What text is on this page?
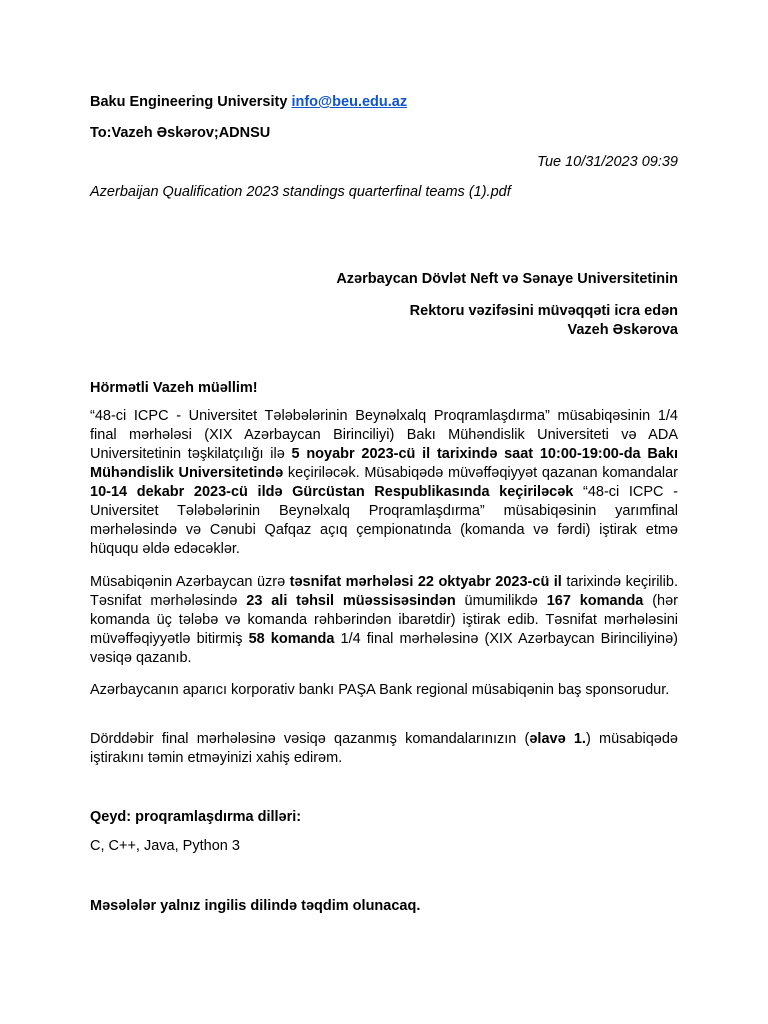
Baku Engineering University info@beu.edu.az
To:Vazeh Əskərov;ADNSU
Tue 10/31/2023 09:39
Azerbaijan Qualification 2023 standings quarterfinal teams (1).pdf
Azərbaycan Dövlət Neft və Sənaye Universitetinin
Rektoru vəzifəsini müvəqqəti icra edən
Vazeh Əskərova
Hörmətli Vazeh müəllim!
“48-ci ICPC - Universitet Tələbələrinin Beynəlxalq Proqramlaşdırma” müsabiqəsinin 1/4 final mərhələsi (XIX Azərbaycan Birinciliyi) Bakı Mühəndislik Universiteti və ADA Universitetinin təşkilatçılığı ilə 5 noyabr 2023-cü il tarixində saat 10:00-19:00-da Bakı Mühəndislik Universitetində keçiriləcək. Müsabiqədə müvəffəqiyyət qazanan komandalar 10-14 dekabr 2023-cü ildə Gürcüstan Respublikasında keçiriləcək “48-ci ICPC - Universitet Tələbələrinin Beynəlxalq Proqramlaşdırma” müsabiqəsinin yarımfinal mərhələsində və Cənubi Qafqaz açıq çempionatında (komanda və fərdi) iştirak etmə hüququ əldə edəcəklər.
Müsabiqənin Azərbaycan üzrə təsnifat mərhələsi 22 oktyabr 2023-cü il tarixində keçirilib. Təsnifat mərhələsində 23 ali təhsil müəssisəsindən ümumilikdə 167 komanda (hər komanda üç tələbə və komanda rəhbərindən ibarətdir) iştirak edib. Təsnifat mərhələsini müvəffəqiyyətlə bitirmiş 58 komanda 1/4 final mərhələsinə (XIX Azərbaycan Birinciliyinə) vəsiqə qazanıb.
Azərbaycanın aparıcı korporativ bankı PAŞA Bank regional müsabiqənin baş sponsorudur.
Dörddəbir final mərhələsinə vəsiqə qazanmış komandalarınızın (əlavə 1.) müsabiqədə iştirakını təmin etməyinizi xahiş edirəm.
Qeyd: proqramlaşdırma dilləri:
C, C++, Java, Python 3
Məsələlər yalnız ingilis dilində təqdim olunacaq.
